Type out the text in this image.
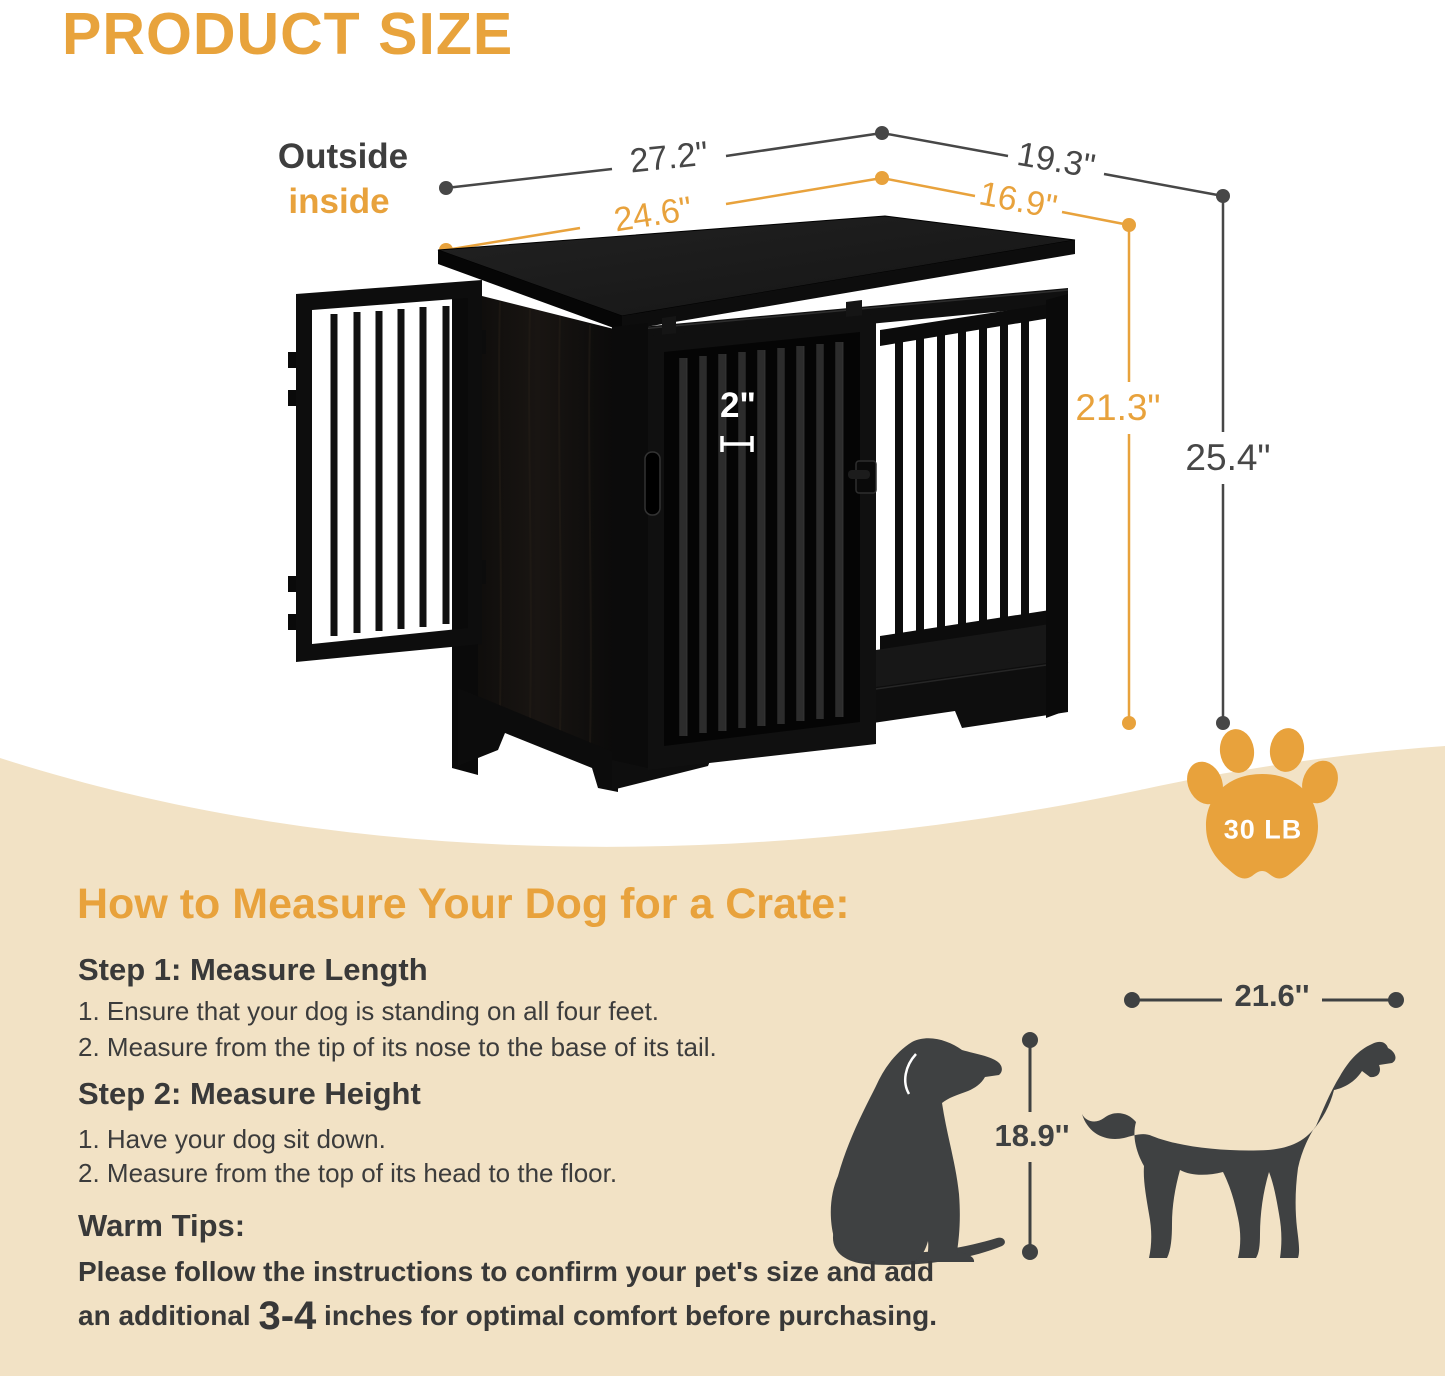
PRODUCT SIZE
Outside
inside
27.2"	19.3"
24.6"	16.9"
21.3"
25.4"
2"
30 LB
How to Measure Your Dog for a Crate:
Step 1: Measure Length
1. Ensure that your dog is standing on all four feet.
2. Measure from the tip of its nose to the base of its tail.
Step 2: Measure Height
1. Have your dog sit down.
2. Measure from the top of its head to the floor.
Warm Tips:
Please follow the instructions to confirm your pet's size and add
an additional 3-4 inches for optimal comfort before purchasing.
21.6''
18.9''
